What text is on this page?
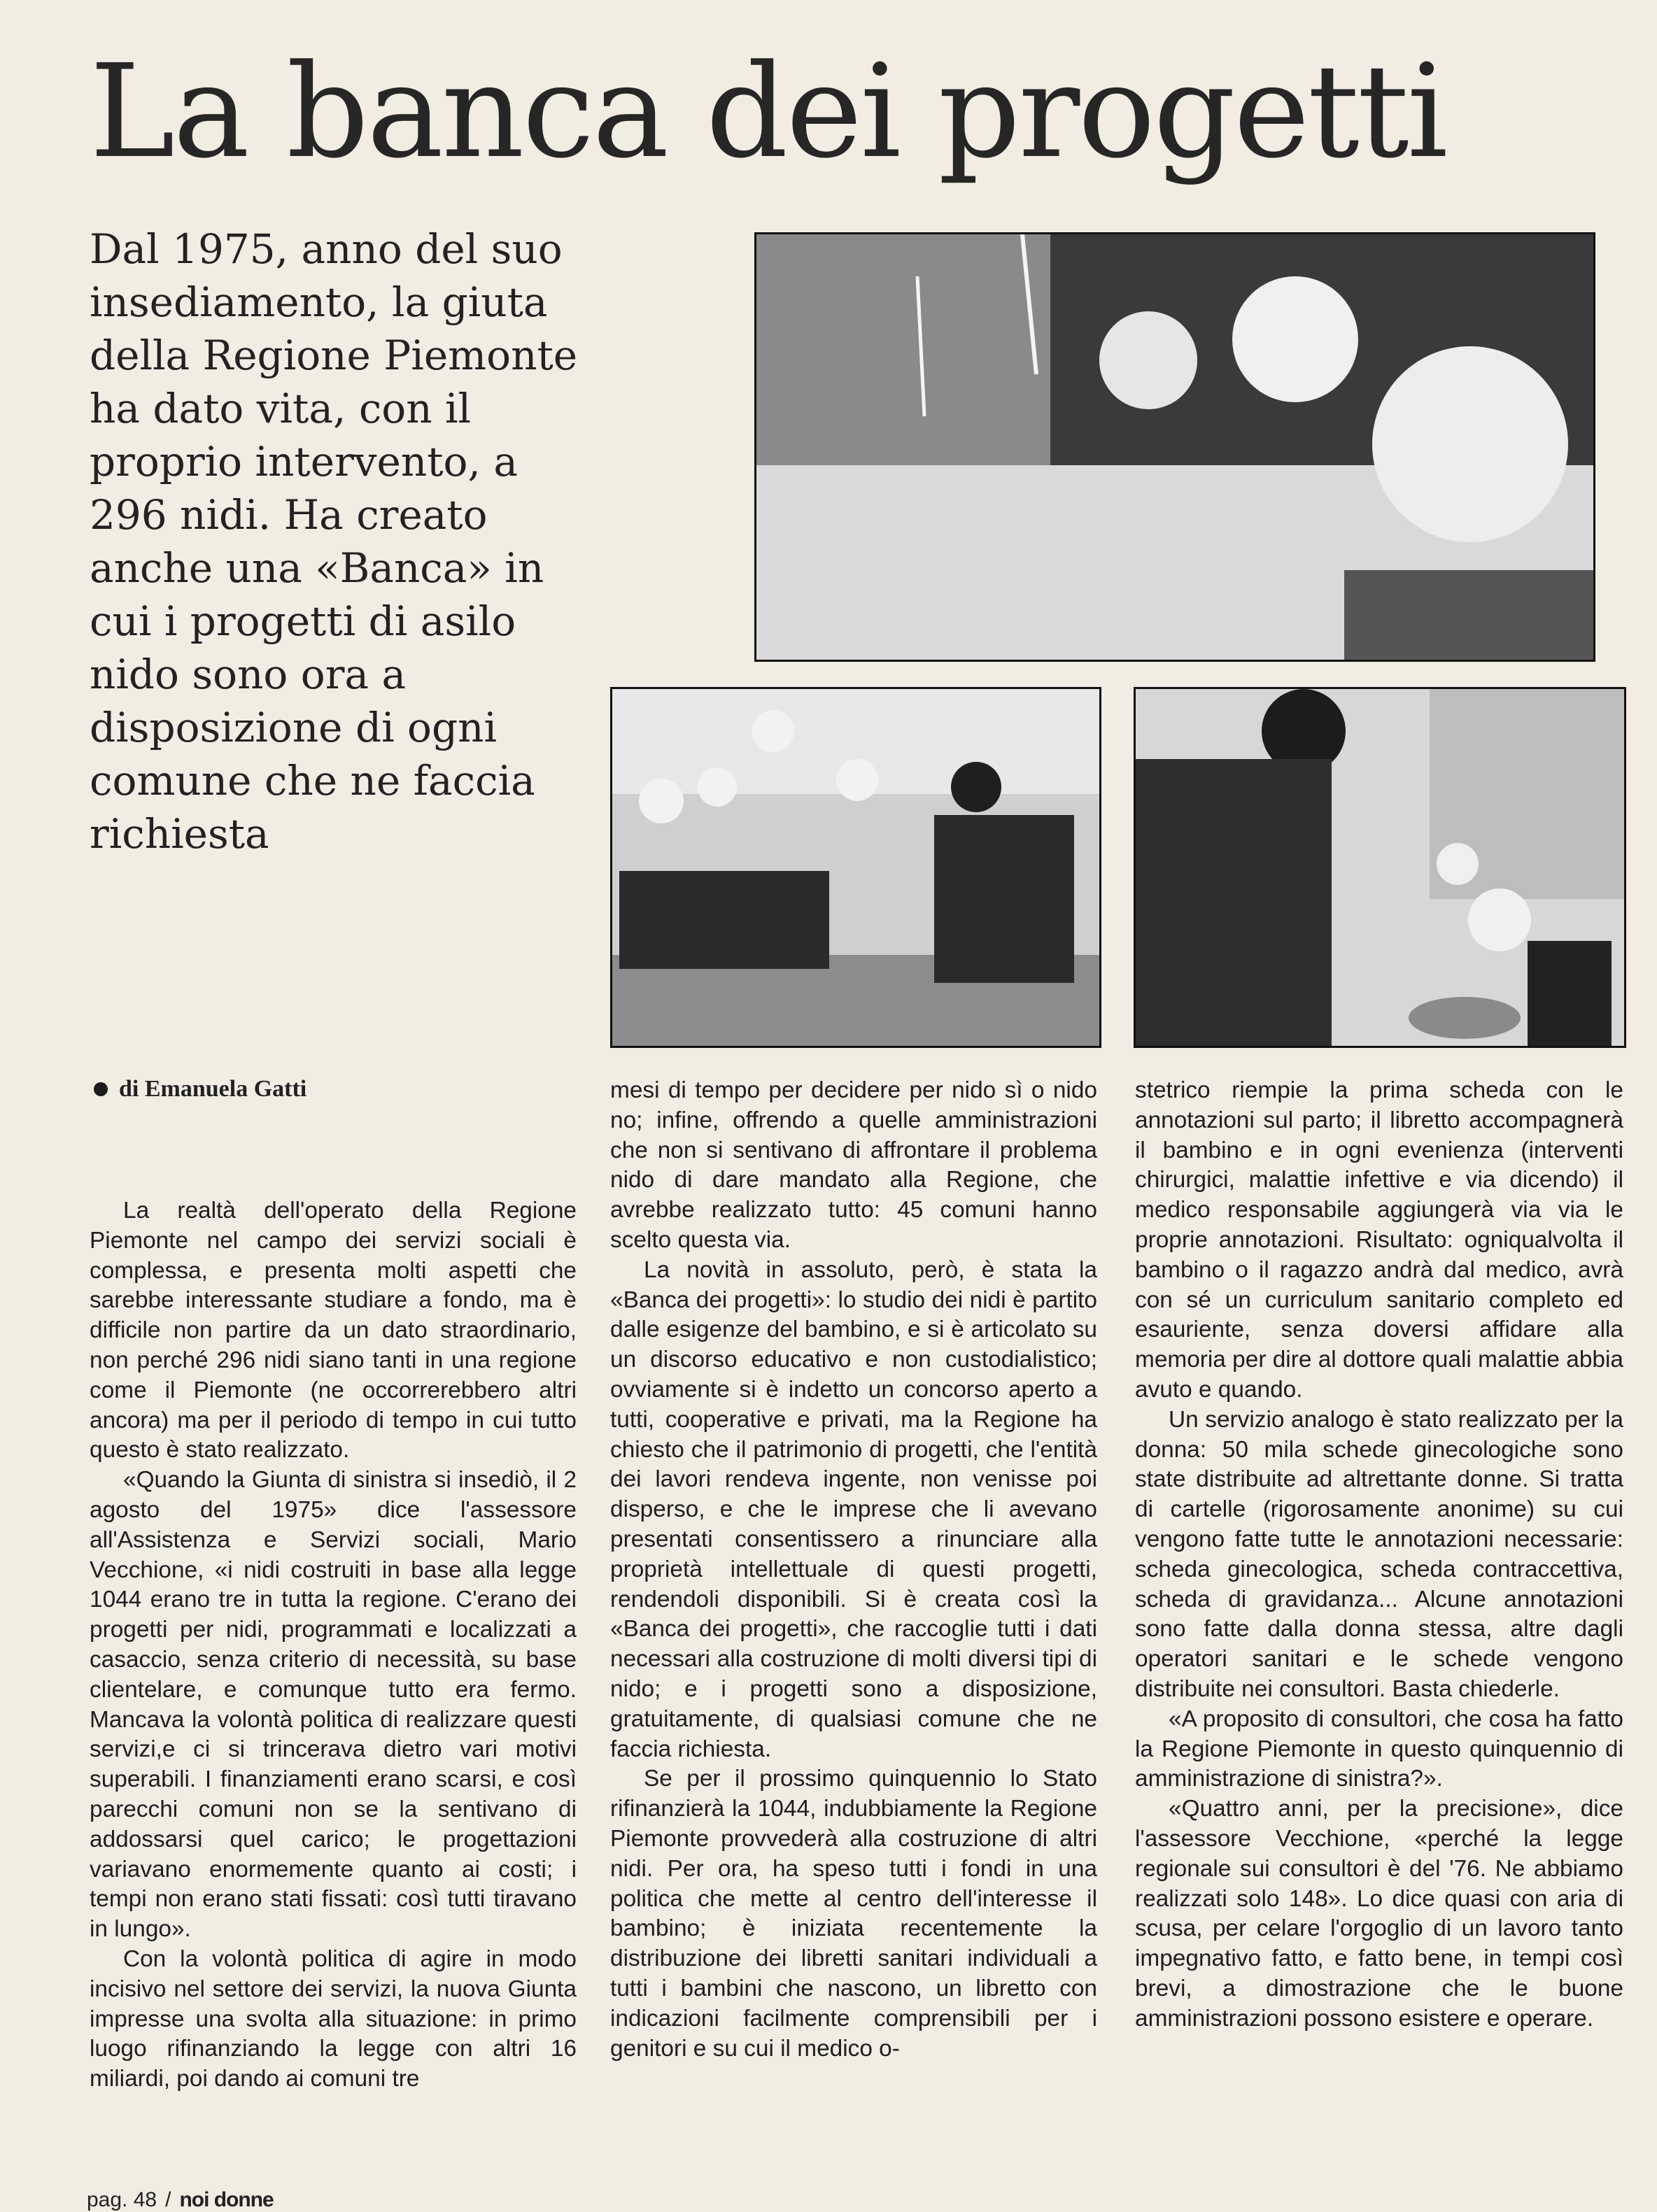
La banca dei progetti

Dal 1975, anno del suo insediamento, la giuta della Regione Piemonte ha dato vita, con il proprio intervento, a 296 nidi. Ha creato anche una «Banca» in cui i progetti di asilo nido sono ora a disposizione di ogni comune che ne faccia richiesta

di Emanuela Gatti

La realtà dell'operato della Regione Piemonte nel campo dei servizi sociali è complessa, e presenta molti aspetti che sarebbe interessante studiare a fondo, ma è difficile non partire da un dato straordinario, non perché 296 nidi siano tanti in una regione come il Piemonte (ne occorrerebbero altri ancora) ma per il periodo di tempo in cui tutto questo è stato realizzato.

«Quando la Giunta di sinistra si insediò, il 2 agosto del 1975» dice l'assessore all'Assistenza e Servizi sociali, Mario Vecchione, «i nidi costruiti in base alla legge 1044 erano tre in tutta la regione. C'erano dei progetti per nidi, programmati e localizzati a casaccio, senza criterio di necessità, su base clientelare, e comunque tutto era fermo. Mancava la volontà politica di realizzare questi servizi,e ci si trincerava dietro vari motivi superabili. I finanziamenti erano scarsi, e così parecchi comuni non se la sentivano di addossarsi quel carico; le progettazioni variavano enormemente quanto ai costi; i tempi non erano stati fissati: così tutti tiravano in lungo».

Con la volontà politica di agire in modo incisivo nel settore dei servizi, la nuova Giunta impresse una svolta alla situazione: in primo luogo rifinanziando la legge con altri 16 miliardi, poi dando ai comuni tre

mesi di tempo per decidere per nido sì o nido no; infine, offrendo a quelle amministrazioni che non si sentivano di affrontare il problema nido di dare mandato alla Regione, che avrebbe realizzato tutto: 45 comuni hanno scelto questa via.

La novità in assoluto, però, è stata la «Banca dei progetti»: lo studio dei nidi è partito dalle esigenze del bambino, e si è articolato su un discorso educativo e non custodialistico; ovviamente si è indetto un concorso aperto a tutti, cooperative e privati, ma la Regione ha chiesto che il patrimonio di progetti, che l'entità dei lavori rendeva ingente, non venisse poi disperso, e che le imprese che li avevano presentati consentissero a rinunciare alla proprietà intellettuale di questi progetti, rendendoli disponibili. Si è creata così la «Banca dei progetti», che raccoglie tutti i dati necessari alla costruzione di molti diversi tipi di nido; e i progetti sono a disposizione, gratuitamente, di qualsiasi comune che ne faccia richiesta.

Se per il prossimo quinquennio lo Stato rifinanzierà la 1044, indubbiamente la Regione Piemonte provvederà alla costruzione di altri nidi. Per ora, ha speso tutti i fondi in una politica che mette al centro dell'interesse il bambino; è iniziata recentemente la distribuzione dei libretti sanitari individuali a tutti i bambini che nascono, un libretto con indicazioni facilmente comprensibili per i genitori e su cui il medico o-

stetrico riempie la prima scheda con le annotazioni sul parto; il libretto accompagnerà il bambino e in ogni evenienza (interventi chirurgici, malattie infettive e via dicendo) il medico responsabile aggiungerà via via le proprie annotazioni. Risultato: ogniqualvolta il bambino o il ragazzo andrà dal medico, avrà con sé un curriculum sanitario completo ed esauriente, senza doversi affidare alla memoria per dire al dottore quali malattie abbia avuto e quando.

Un servizio analogo è stato realizzato per la donna: 50 mila schede ginecologiche sono state distribuite ad altrettante donne. Si tratta di cartelle (rigorosamente anonime) su cui vengono fatte tutte le annotazioni necessarie: scheda ginecologica, scheda contraccettiva, scheda di gravidanza... Alcune annotazioni sono fatte dalla donna stessa, altre dagli operatori sanitari e le schede vengono distribuite nei consultori. Basta chiederle.

«A proposito di consultori, che cosa ha fatto la Regione Piemonte in questo quinquennio di amministrazione di sinistra?».

«Quattro anni, per la precisione», dice l'assessore Vecchione, «perché la legge regionale sui consultori è del '76. Ne abbiamo realizzati solo 148». Lo dice quasi con aria di scusa, per celare l'orgoglio di un lavoro tanto impegnativo fatto, e fatto bene, in tempi così brevi, a dimostrazione che le buone amministrazioni possono esistere e operare.

pag. 48 / noi donne
